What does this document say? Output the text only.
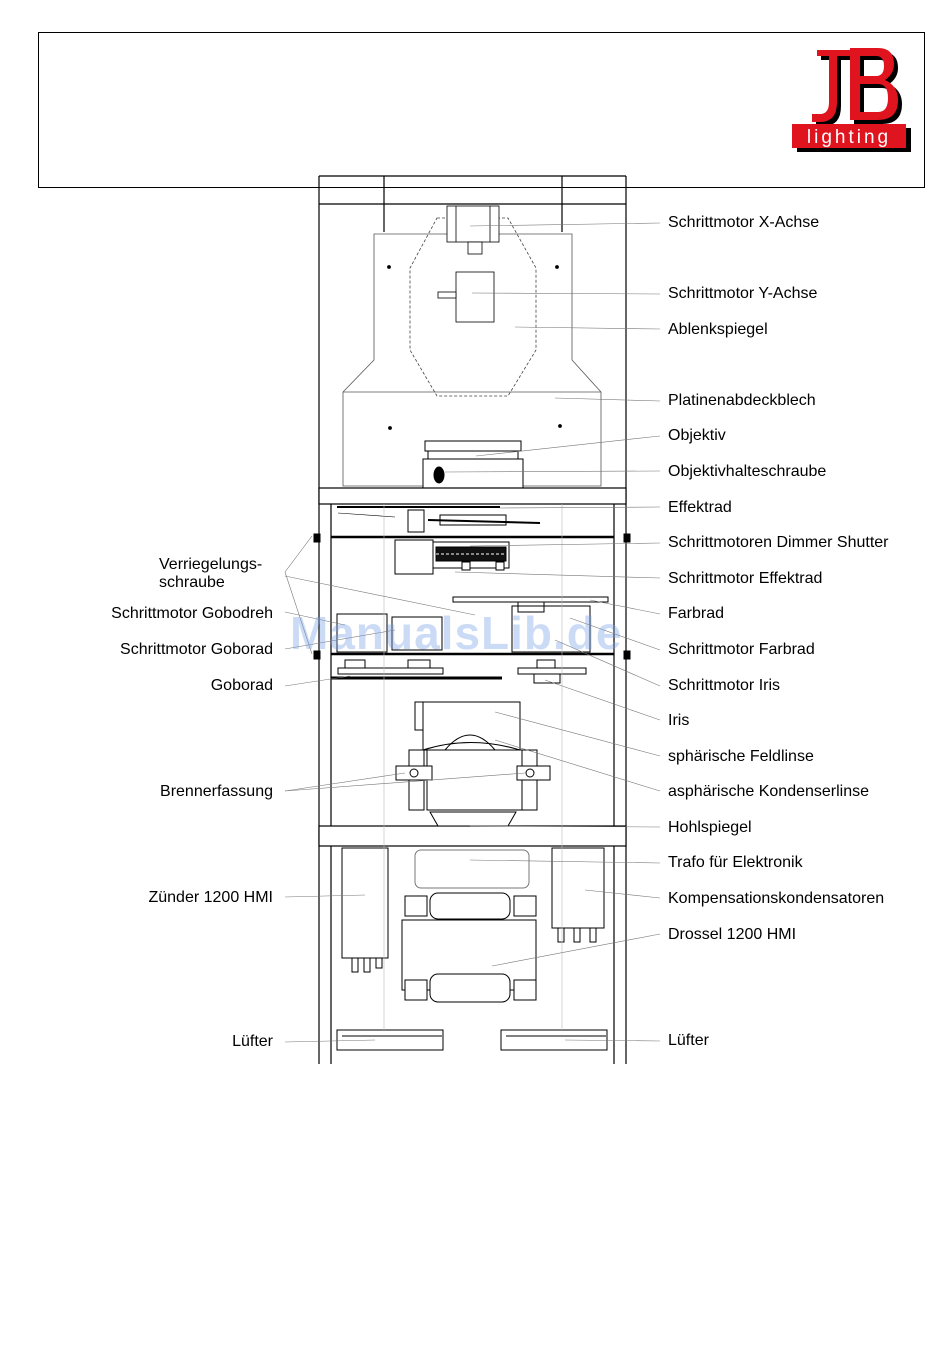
lighting
ManualsLib.de
Schrittmotor X-Achse
Schrittmotor Y-Achse
Ablenkspiegel
Platinenabdeckblech
Objektiv
Objektivhalteschraube
Effektrad
Schrittmotoren Dimmer Shutter
Schrittmotor Effektrad
Farbrad
Schrittmotor Farbrad
Schrittmotor Iris
Iris
sphärische Feldlinse
asphärische Kondenserlinse
Hohlspiegel
Trafo für Elektronik
Kompensationskondensatoren
Drossel 1200 HMI
Lüfter
Verriegelungs-
schraube
Schrittmotor Gobodreh
Schrittmotor Goborad
Goborad
Brennerfassung
Zünder 1200 HMI
Lüfter
